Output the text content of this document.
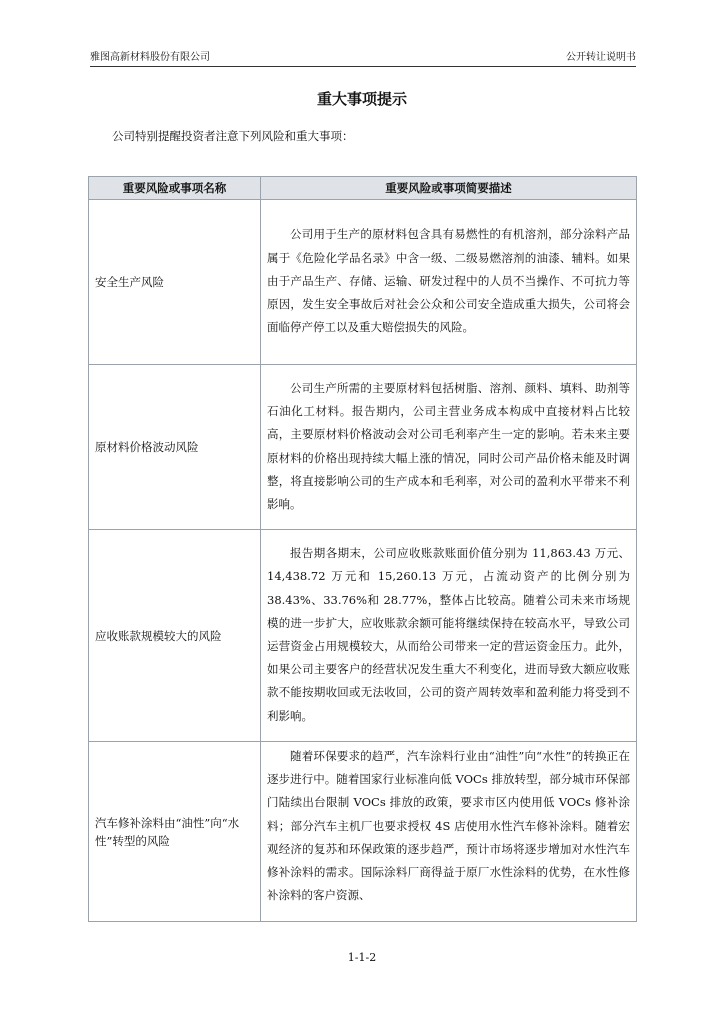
雅图高新材料股份有限公司	公开转让说明书
重大事项提示
公司特别提醒投资者注意下列风险和重大事项：
重要风险或事项名称	重要风险或事项简要描述
安全生产风险	公司用于生产的原材料包含具有易燃性的有机溶剂，部分涂料产品属于《危险化学品名录》中含一级、二级易燃溶剂的油漆、辅料。如果由于产品生产、存储、运输、研发过程中的人员不当操作、不可抗力等原因，发生安全事故后对社会公众和公司安全造成重大损失，公司将会面临停产停工以及重大赔偿损失的风险。
原材料价格波动风险	公司生产所需的主要原材料包括树脂、溶剂、颜料、填料、助剂等石油化工材料。报告期内，公司主营业务成本构成中直接材料占比较高，主要原材料价格波动会对公司毛利率产生一定的影响。若未来主要原材料的价格出现持续大幅上涨的情况，同时公司产品价格未能及时调整，将直接影响公司的生产成本和毛利率，对公司的盈利水平带来不利影响。
应收账款规模较大的风险	报告期各期末，公司应收账款账面价值分别为 11,863.43 万元、14,438.72 万元和 15,260.13 万元，占流动资产的比例分别为 38.43%、33.76%和 28.77%，整体占比较高。随着公司未来市场规模的进一步扩大，应收账款余额可能将继续保持在较高水平，导致公司运营资金占用规模较大，从而给公司带来一定的营运资金压力。此外，如果公司主要客户的经营状况发生重大不利变化，进而导致大额应收账款不能按期收回或无法收回，公司的资产周转效率和盈利能力将受到不利影响。
汽车修补涂料由“油性”向“水性”转型的风险	随着环保要求的趋严，汽车涂料行业由“油性”向“水性”的转换正在逐步进行中。随着国家行业标准向低 VOCs 排放转型，部分城市环保部门陆续出台限制 VOCs 排放的政策，要求市区内使用低 VOCs 修补涂料；部分汽车主机厂也要求授权 4S 店使用水性汽车修补涂料。随着宏观经济的复苏和环保政策的逐步趋严，预计市场将逐步增加对水性汽车修补涂料的需求。国际涂料厂商得益于原厂水性涂料的优势，在水性修补涂料的客户资源、
1-1-2
